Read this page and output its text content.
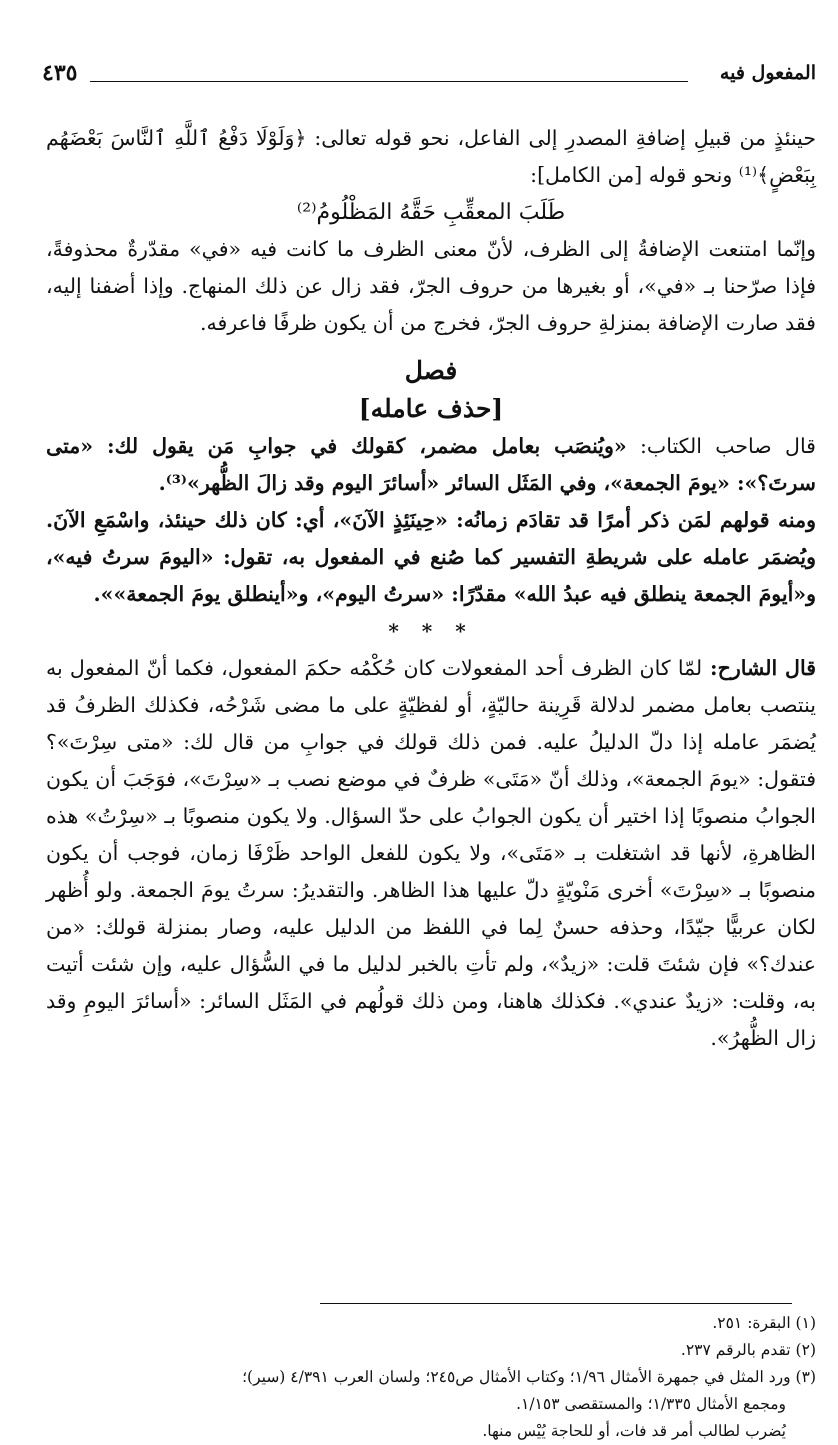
المفعول فيه
٤٣٥

حينئذٍ من قبيلِ إضافةِ المصدرِ إلى الفاعل، نحو قوله تعالى: ﴿وَلَوْلَا دَفْعُ ٱللَّهِ ٱلنَّاسَ بَعْضَهُم بِبَعْضٍ﴾⁽¹⁾ ونحو قوله [من الكامل]:

طَلَبَ المعقِّبِ حَقَّهُ المَظْلُومُ⁽²⁾

وإنّما امتنعت الإضافةُ إلى الظرف، لأنّ معنى الظرف ما كانت فيه «في» مقدّرةٌ محذوفةً، فإذا صرّحنا بـ «في»، أو بغيرها من حروف الجرّ، فقد زال عن ذلك المنهاج. وإذا أضفنا إليه، فقد صارت الإضافة بمنزلةِ حروف الجرّ، فخرج من أن يكون ظرفًا فاعرفه.

فصل

[حذف عامله]

قال صاحب الكتاب: «ويُنصَب بعامل مضمر، كقولك في جوابِ مَن يقول لك: «متى سرتَ؟»: «يومَ الجمعة»، وفي المَثَل السائر «أسائرَ اليوم وقد زالَ الظُّهر»⁽³⁾.

ومنه قولهم لمَن ذكر أمرًا قد تقادَم زمانُه: «حِينَئِذٍ الآنَ»، أي: كان ذلك حينئذ، واسْمَعِ الآنَ. ويُضمَر عامله على شريطةِ التفسير كما صُنع في المفعول به، تقول: «اليومَ سرتُ فيه»، و«أيومَ الجمعة ينطلق فيه عبدُ الله» مقدّرًا: «سرتُ اليوم»، و«أينطلق يومَ الجمعة»».

* * *

قال الشارح: لمّا كان الظرف أحد المفعولات كان حُكْمُه حكمَ المفعول، فكما أنّ المفعول به ينتصب بعامل مضمر لدلالة قَرِينة حاليّةٍ، أو لفظيّةٍ على ما مضى شَرْحُه، فكذلك الظرفُ قد يُضمَر عامله إذا دلّ الدليلُ عليه. فمن ذلك قولك في جوابِ من قال لك: «متى سِرْتَ»؟ فتقول: «يومَ الجمعة»، وذلك أنّ «مَتَى» ظرفٌ في موضع نصب بـ «سِرْتَ»، فوَجَبَ أن يكون الجوابُ منصوبًا إذا اختير أن يكون الجوابُ على حدّ السؤال. ولا يكون منصوبًا بـ «سِرْتُ» هذه الظاهرةِ، لأنها قد اشتغلت بـ «مَتَى»، ولا يكون للفعل الواحد ظَرْفَا زمان، فوجب أن يكون منصوبًا بـ «سِرْتَ» أخرى مَنْويّةٍ دلّ عليها هذا الظاهر. والتقديرُ: سرتُ يومَ الجمعة. ولو أُظهر لكان عربيًّا جيّدًا، وحذفه حسنٌ لِما في اللفظ من الدليل عليه، وصار بمنزلة قولك: «من عندك؟» فإن شئتَ قلت: «زيدٌ»، ولم تأتِ بالخبر لدليل ما في السُّؤال عليه، وإن شئت أتيت به، وقلت: «زيدٌ عندي». فكذلك هاهنا، ومن ذلك قولُهم في المَثَل السائر: «أسائرَ اليومِ وقد زال الظُّهرُ».

(١) البقرة: ٢٥١.
(٢) تقدم بالرقم ٢٣٧.
(٣) ورد المثل في جمهرة الأمثال ١/٩٦؛ وكتاب الأمثال ص٢٤٥؛ ولسان العرب ٤/٣٩١ (سير)؛
ومجمع الأمثال ١/٣٣٥؛ والمستقصى ١/١٥٣.
يُضرب لطالب أمر قد فات، أو للحاجة يُيْس منها.
